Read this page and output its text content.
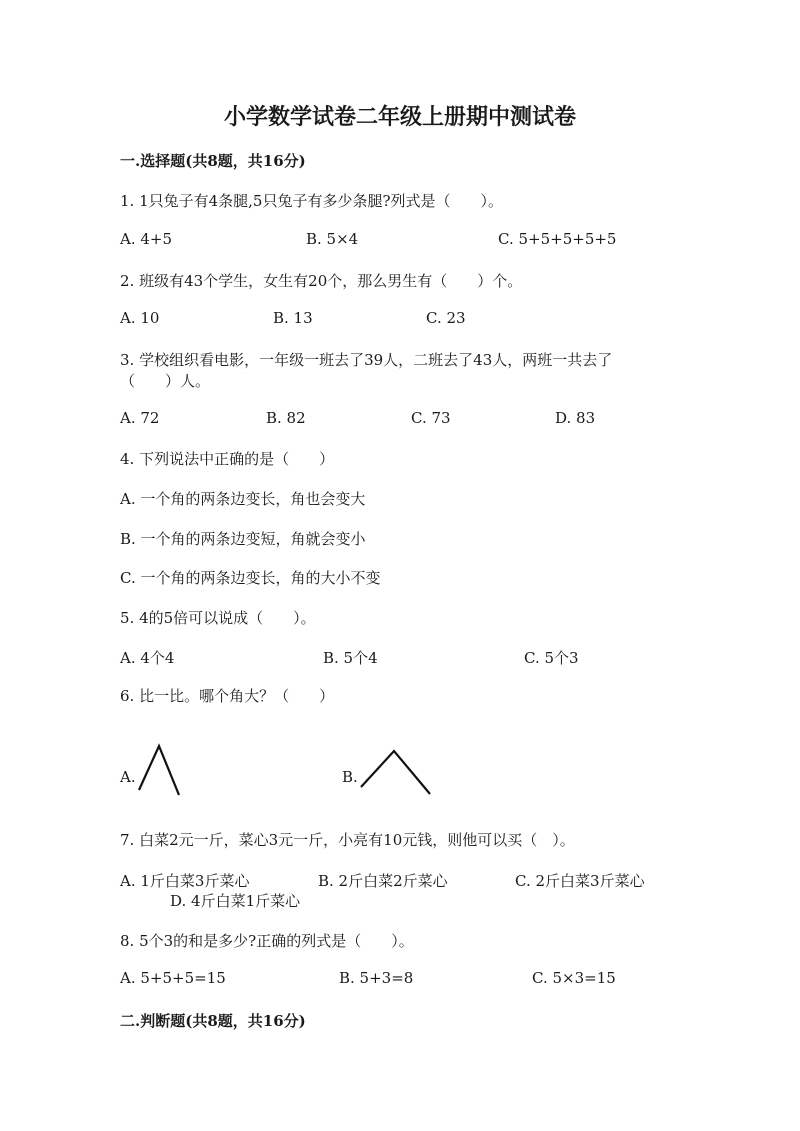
小学数学试卷二年级上册期中测试卷
一.选择题(共8题，共16分)
1. 1只兔子有4条腿,5只兔子有多少条腿?列式是（　　）。
A. 4+5	B. 5×4	C. 5+5+5+5+5
2. 班级有43个学生，女生有20个，那么男生有（　　）个。
A. 10	B. 13	C. 23
3. 学校组织看电影，一年级一班去了39人，二班去了43人，两班一共去了
（　　）人。
A. 72	B. 82	C. 73	D. 83
4. 下列说法中正确的是（　　）
A. 一个角的两条边变长，角也会变大
B. 一个角的两条边变短，角就会变小
C. 一个角的两条边变长，角的大小不变
5. 4的5倍可以说成（　　）。
A. 4个4	B. 5个4	C. 5个3
6. 比一比。哪个角大？（　　）
A.	B.
7. 白菜2元一斤，菜心3元一斤，小亮有10元钱，则他可以买（　）。
A. 1斤白菜3斤菜心	B. 2斤白菜2斤菜心	C. 2斤白菜3斤菜心
D. 4斤白菜1斤菜心
8. 5个3的和是多少?正确的列式是（　　）。
A. 5+5+5=15	B. 5+3=8	C. 5×3=15
二.判断题(共8题，共16分)
